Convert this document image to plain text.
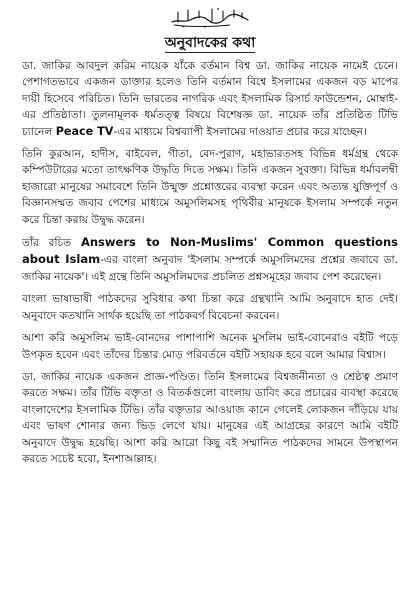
অনুবাদকের কথা

ডা. জাকির আবদুল করিম নায়েক যাঁকে বর্তমান বিশ্ব ডা. জাকির নায়েক নামেই চেনে। পেশাগতভাবে একজন ডাক্তার হলেও তিনি বর্তমান বিশ্বে ইসলামের একজন বড় মাপের দায়ী হিসেবে পরিচিত। তিনি ভারতের নাগরিক এবং ইসলামিক রিসার্চ ফাউন্ডেশন, মোম্বাই-এর প্রতিষ্ঠাতা। তুলনামূলক ধর্মতত্ত্ব বিষয়ে বিশেষজ্ঞ ডা. নায়েক তাঁর প্রতিষ্ঠিত টিভি চ্যানেল Peace TV-এর মাধ্যমে বিশ্বব্যাপী ইসলামের দাওয়াত প্রচার করে যাচ্ছেন।

তিনি কুরআন, হাদীস, বাইবেল, গীতা, বেদ-পুরাণ, মহাভারতসহ বিভিন্ন ধর্মগ্রন্থ থেকে কম্পিউটারের মতো তাৎক্ষণিক উদ্ধৃতি দিতে সক্ষম। তিনি একজন সুবক্তা। বিভিন্ন ধর্মাবলম্বী হাজারো মানুষের সমাবেশে তিনি উন্মুক্ত প্রশ্নোত্তরের ব্যবস্থা করেন এবং অত্যন্ত যুক্তিপূর্ণ ও বিজ্ঞানসম্মত জবাব পেশের মাধ্যমে অমুসলিমসহ পৃথিবীর মানুষকে ইসলাম সম্পর্কে নতুন করে চিন্তা করায় উদ্বুদ্ধ করেন।

তাঁর রচিত Answers to Non-Muslims' Common questions about Islam-এর বাংলা অনুবাদ 'ইসলাম সম্পর্কে অমুসলিমদের প্রশ্নের জবাবে ডা. জাকির নায়েক'। এই গ্রন্থে তিনি অমুসলিমদের প্রচলিত প্রশ্নসমূহের জবাব পেশ করেছেন।

বাংলা ভাষাভাষী পাঠকদের সুবিধার কথা চিন্তা করে গ্রন্থখানি আমি অনুবাদে হাত দেই। অনুবাদে কতখানি সার্থক হয়েছি তা পাঠকবর্গ বিবেচনা করবেন।

আশা করি অমুসলিম ভাই-বোনদের পাশাপাশি অনেক মুসলিম ভাই-বোনেরাও বইটি পড়ে উপকৃত হবেন এবং তাঁদের চিন্তার মোড় পরিবর্তনে বইটি সহায়ক হবে বলে আমার বিশ্বাস।

ডা. জাকির নায়েক একজন প্রাজ্ঞ-পণ্ডিত। তিনি ইসলামের বিশ্বজনীনতা ও শ্রেষ্ঠত্ব প্রমাণ করতে সক্ষম। তাঁর টিভি বক্তৃতা ও বিতর্কগুলো বাংলায় ডাবিং করে প্রচারের ব্যবস্থা করেছে বাংলাদেশের ইসলামিক টিভি। তাঁর বক্তৃতার আওয়াজ কানে গেলেই লোকজন দাঁড়িয়ে যায় এবং ভাষণ শোনার জন্য ভিড় লেগে যায়। মানুষের এই আগ্রহের কারণে আমি বইটি অনুবাদে উদ্বুদ্ধ হয়েছি। আশা করি আরো কিছু বই সম্মানিত পাঠকদের সামনে উপস্থাপন করতে সচেষ্ট হবো, ইনশাআল্লাহ।
